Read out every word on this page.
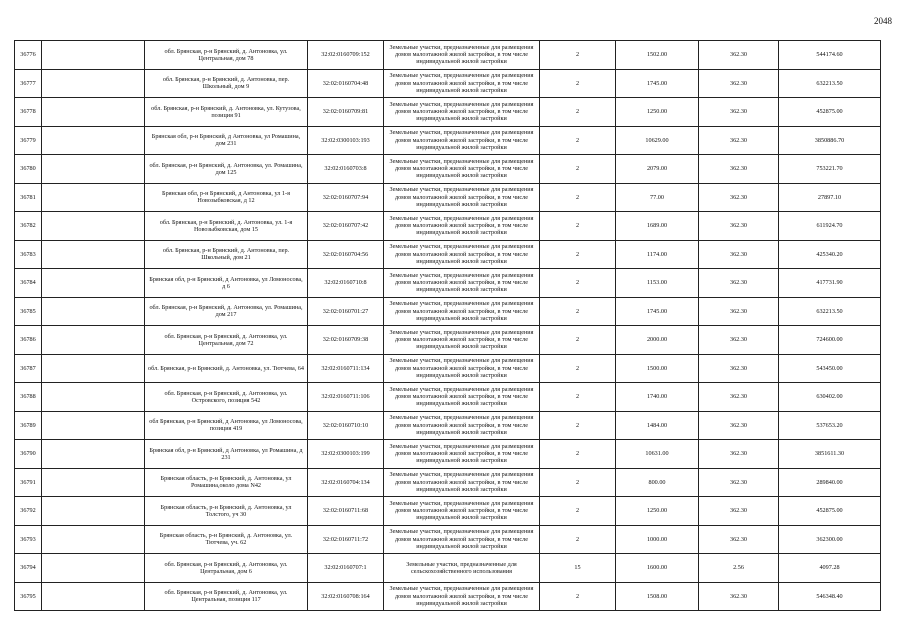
2048
36776		обл. Брянская, р-н Брянский, д. Антоновка, ул. Центральная, дом 78	32:02:0160709:152	Земельные участки, предназначенные для размещения домов малоэтажной жилой застройки, в том числе индивидуальной жилой застройки	2	1502.00	362.30	544174.60
36777		обл. Брянская, р-н Брянский, д. Антоновка, пер. Школьный, дом 9	32:02:0160704:48	Земельные участки, предназначенные для размещения домов малоэтажной жилой застройки, в том числе индивидуальной жилой застройки	2	1745.00	362.30	632213.50
36778		обл. Брянская, р-н Брянский, д. Антоновка, ул. Кутузова, позиция 91	32:02:0160709:81	Земельные участки, предназначенные для размещения домов малоэтажной жилой застройки, в том числе индивидуальной жилой застройки	2	1250.00	362.30	452875.00
36779		Брянская обл, р-н Брянский, д Антоновка, ул Ромашина, дом 231	32:02:0300103:193	Земельные участки, предназначенные для размещения домов малоэтажной жилой застройки, в том числе индивидуальной жилой застройки	2	10629.00	362.30	3850886.70
36780		обл. Брянская, р-н Брянский, д. Антоновка, ул. Ромашина, дом 125	32:02:0160703:8	Земельные участки, предназначенные для размещения домов малоэтажной жилой застройки, в том числе индивидуальной жилой застройки	2	2079.00	362.30	753221.70
36781		Брянская обл, р-н Брянский, д Антоновка, ул 1-я Новозыбковская, д 12	32:02:0160707:94	Земельные участки, предназначенные для размещения домов малоэтажной жилой застройки, в том числе индивидуальной жилой застройки	2	77.00	362.30	27897.10
36782		обл. Брянская, р-н Брянский, д. Антоновка, ул. 1-я Новозыбковская, дом 15	32:02:0160707:42	Земельные участки, предназначенные для размещения домов малоэтажной жилой застройки, в том числе индивидуальной жилой застройки	2	1689.00	362.30	611924.70
36783		обл. Брянская, р-н Брянский, д. Антоновка, пер. Школьный, дом 21	32:02:0160704:56	Земельные участки, предназначенные для размещения домов малоэтажной жилой застройки, в том числе индивидуальной жилой застройки	2	1174.00	362.30	425340.20
36784		Брянская обл, р-н Брянский, д Антоновка, ул Ломоносова, д 6	32:02:0160710:8	Земельные участки, предназначенные для размещения домов малоэтажной жилой застройки, в том числе индивидуальной жилой застройки	2	1153.00	362.30	417731.90
36785		обл. Брянская, р-н Брянский, д. Антоновка, ул. Ромашина, дом 217	32:02:0160701:27	Земельные участки, предназначенные для размещения домов малоэтажной жилой застройки, в том числе индивидуальной жилой застройки	2	1745.00	362.30	632213.50
36786		обл. Брянская, р-н Брянский, д. Антоновка, ул. Центральная, дом 72	32:02:0160709:38	Земельные участки, предназначенные для размещения домов малоэтажной жилой застройки, в том числе индивидуальной жилой застройки	2	2000.00	362.30	724600.00
36787		обл. Брянская, р-н Брянский, д. Антоновка, ул. Тютчева, 64	32:02:0160711:134	Земельные участки, предназначенные для размещения домов малоэтажной жилой застройки, в том числе индивидуальной жилой застройки	2	1500.00	362.30	543450.00
36788		обл. Брянская, р-н Брянский, д. Антоновка, ул. Островского, позиция 542	32:02:0160711:106	Земельные участки, предназначенные для размещения домов малоэтажной жилой застройки, в том числе индивидуальной жилой застройки	2	1740.00	362.30	630402.00
36789		обл Брянская, р-н Брянский, д Антоновка, ул Ломоносова, позиция 419	32:02:0160710:10	Земельные участки, предназначенные для размещения домов малоэтажной жилой застройки, в том числе индивидуальной жилой застройки	2	1484.00	362.30	537653.20
36790		Брянская обл, р-н Брянский, д Антоновка, ул Ромашина, д 231	32:02:0300103:199	Земельные участки, предназначенные для размещения домов малоэтажной жилой застройки, в том числе индивидуальной жилой застройки	2	10631.00	362.30	3851611.30
36791		Брянская область, р-н Брянский, д. Антоновка, ул Ромашина,около дома N42	32:02:0160704:134	Земельные участки, предназначенные для размещения домов малоэтажной жилой застройки, в том числе индивидуальной жилой застройки	2	800.00	362.30	289840.00
36792		Брянская область, р-н Брянский, д. Антоновка, ул Толстого, уч 30	32:02:0160711:68	Земельные участки, предназначенные для размещения домов малоэтажной жилой застройки, в том числе индивидуальной жилой застройки	2	1250.00	362.30	452875.00
36793		Брянская область, р-н Брянский, д. Антоновка, ул. Тютчева, уч. 62	32:02:0160711:72	Земельные участки, предназначенные для размещения домов малоэтажной жилой застройки, в том числе индивидуальной жилой застройки	2	1000.00	362.30	362300.00
36794		обл. Брянская, р-н Брянский, д. Антоновка, ул. Центральная, дом 6	32:02:0160707:1	Земельные участки, предназначенные для сельскохозяйственного использования	15	1600.00	2.56	4097.28
36795		обл. Брянская, р-н Брянский, д. Антоновка, ул. Центральная, позиция 117	32:02:0160708:164	Земельные участки, предназначенные для размещения домов малоэтажной жилой застройки, в том числе индивидуальной жилой застройки	2	1508.00	362.30	546348.40
